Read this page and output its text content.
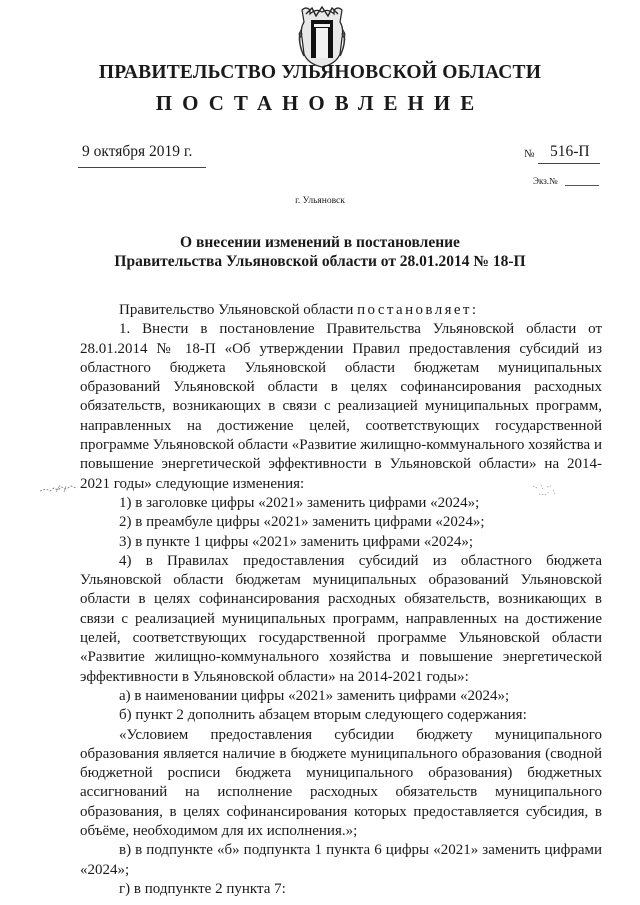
ПРАВИТЕЛЬСТВО УЛЬЯНОВСКОЙ ОБЛАСТИ
ПОСТАНОВЛЕНИЕ
9 октября 2019 г.	№ 516-П
Экз.№
г. Ульяновск
О внесении изменений в постановление
Правительства Ульяновской области от 28.01.2014 № 18-П

Правительство Ульяновской области постановляет:

1. Внести в постановление Правительства Ульяновской области от 28.01.2014 № 18-П «Об утверждении Правил предоставления субсидий из областного бюджета Ульяновской области бюджетам муниципальных образований Ульяновской области в целях софинансирования расходных обязательств, возникающих в связи с реализацией муниципальных программ, направленных на достижение целей, соответствующих государственной программе Ульяновской области «Развитие жилищно-коммунального хозяйства и повышение энергетической эффективности в Ульяновской области» на 2014-2021 годы» следующие изменения:

1) в заголовке цифры «2021» заменить цифрами «2024»;

2) в преамбуле цифры «2021» заменить цифрами «2024»;

3) в пункте 1 цифры «2021» заменить цифрами «2024»;

4) в Правилах предоставления субсидий из областного бюджета Ульяновской области бюджетам муниципальных образований Ульяновской области в целях софинансирования расходных обязательств, возникающих в связи с реализацией муниципальных программ, направленных на достижение целей, соответствующих государственной программе Ульяновской области «Развитие жилищно-коммунального хозяйства и повышение энергетической эффективности в Ульяновской области» на 2014-2021 годы»:

а) в наименовании цифры «2021» заменить цифрами «2024»;

б) пункт 2 дополнить абзацем вторым следующего содержания:

«Условием предоставления субсидии бюджету муниципального образования является наличие в бюджете муниципального образования (сводной бюджетной росписи бюджета муниципального образования) бюджетных ассигнований на исполнение расходных обязательств муниципального образования, в целях софинансирования которых предоставляется субсидия, в объёме, необходимом для их исполнения.»;

в) в подпункте «б» подпункта 1 пункта 6 цифры «2021» заменить цифрами «2024»;

г) в подпункте 2 пункта 7:
